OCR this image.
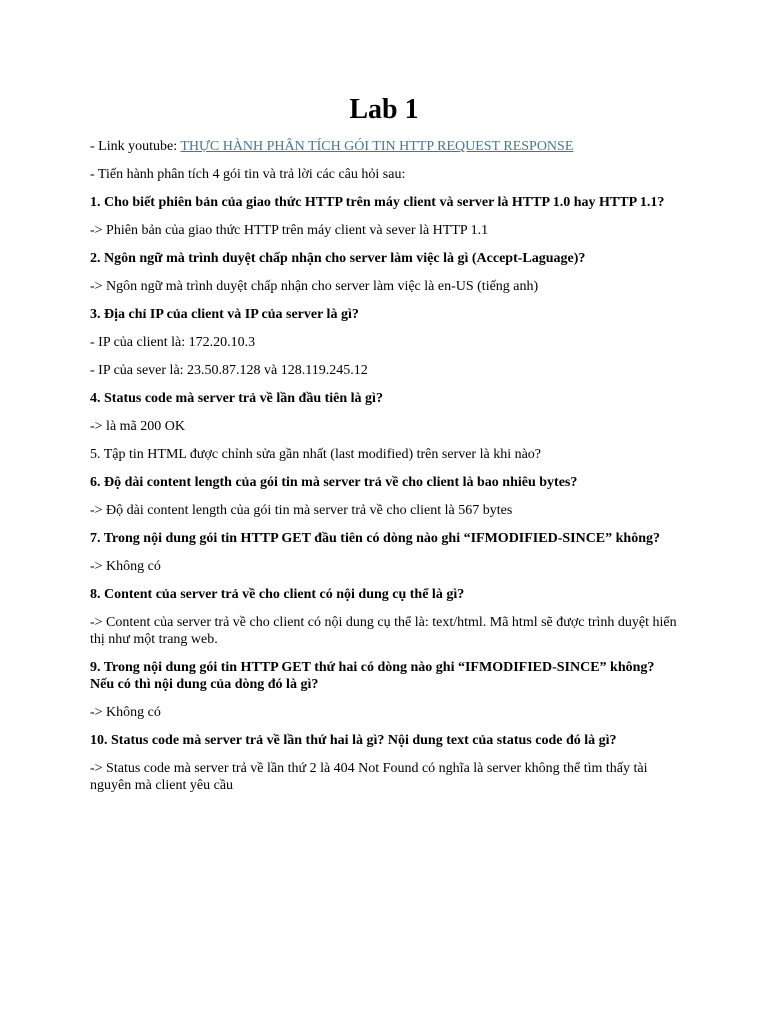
Lab 1

- Link youtube: THỰC HÀNH PHÂN TÍCH GÓI TIN HTTP REQUEST RESPONSE

- Tiến hành phân tích 4 gói tin và trả lời các câu hỏi sau:

1. Cho biết phiên bản của giao thức HTTP trên máy client và server là HTTP 1.0 hay HTTP 1.1?

-> Phiên bản của giao thức HTTP trên máy client và sever là HTTP 1.1

2. Ngôn ngữ mà trình duyệt chấp nhận cho server làm việc là gì (Accept-Laguage)?

-> Ngôn ngữ mà trình duyệt chấp nhận cho server làm việc là en-US (tiếng anh)

3. Địa chỉ IP của client và IP của server là gì?

- IP của client là: 172.20.10.3

- IP của sever là: 23.50.87.128 và 128.119.245.12

4. Status code mà server trả về lần đầu tiên là gì?

-> là mã 200 OK

5. Tập tin HTML được chỉnh sửa gần nhất (last modified) trên server là khi nào?

6. Độ dài content length của gói tin mà server trả về cho client là bao nhiêu bytes?

-> Độ dài content length của gói tin mà server trả về cho client là 567 bytes

7. Trong nội dung gói tin HTTP GET đầu tiên có dòng nào ghi “IFMODIFIED-SINCE” không?

-> Không có

8. Content của server trả về cho client có nội dung cụ thể là gì?

-> Content của server trả về cho client có nội dung cụ thể là: text/html. Mã html sẽ được trình duyệt hiển thị như một trang web.

9. Trong nội dung gói tin HTTP GET thứ hai có dòng nào ghi “IFMODIFIED-SINCE” không? Nếu có thì nội dung của dòng đó là gì?

-> Không có

10. Status code mà server trả về lần thứ hai là gì? Nội dung text của status code đó là gì?

-> Status code mà server trả về lần thứ 2 là 404 Not Found có nghĩa là server không thể tìm thấy tài nguyên mà client yêu cầu
